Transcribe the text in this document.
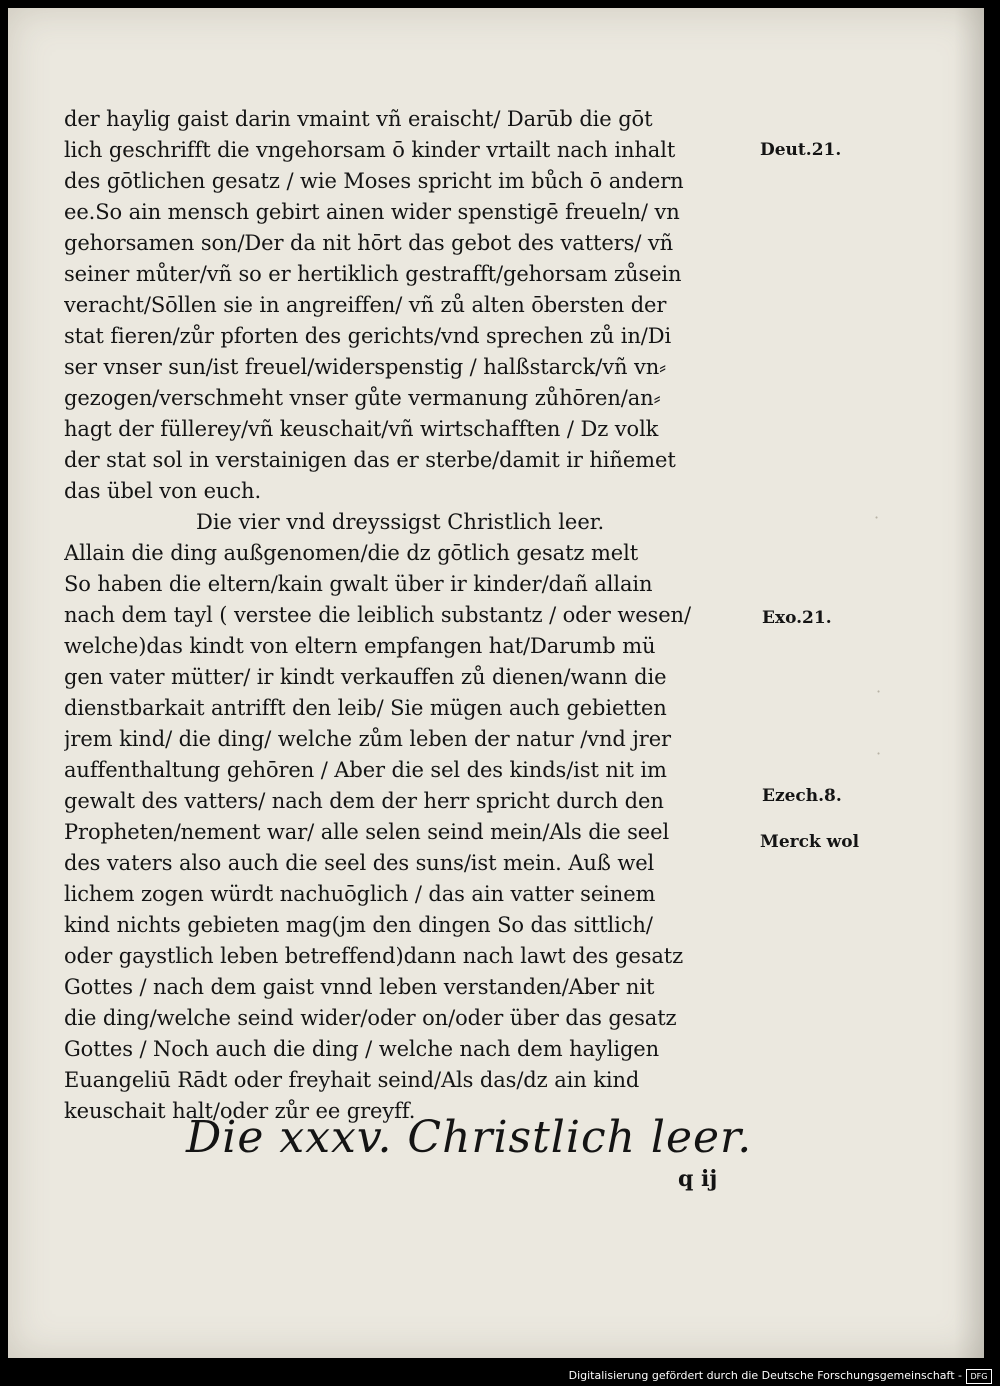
der haylig gaist darin vmaint vñ eraischt/ Darūb die gōt
lich geschrifft die vngehorsam ō kinder vrtailt nach inhalt
des gōtlichen gesatz / wie Moses spricht im bůch ō andern
ee.So ain mensch gebirt ainen wider spenstigē freueln/ vn
gehorsamen son/Der da nit hōrt das gebot des vatters/ vñ
seiner můter/vñ so er hertiklich gestrafft/gehorsam zůsein
veracht/Sōllen sie in angreiffen/ vñ zů alten ōbersten der
stat fieren/zůr pforten des gerichts/vnd sprechen zů in/Di
ser vnser sun/ist freuel/widerspenstig / halßstarck/vñ vn⸗
gezogen/verschmeht vnser gůte vermanung zůhōren/an⸗
hagt der füllerey/vñ keuschait/vñ wirtschafften / Dz volk
der stat sol in verstainigen das er sterbe/damit ir hiñemet
das übel von euch.
Die vier vnd dreyssigst Christlich leer.
Allain die ding außgenomen/die dz gōtlich gesatz melt
So haben die eltern/kain gwalt über ir kinder/dañ allain
nach dem tayl ( verstee die leiblich substantz / oder wesen/
welche)das kindt von eltern empfangen hat/Darumb mü
gen vater mütter/ ir kindt verkauffen zů dienen/wann die
dienstbarkait antrifft den leib/ Sie mügen auch gebietten
jrem kind/ die ding/ welche zům leben der natur /vnd jrer
auffenthaltung gehōren / Aber die sel des kinds/ist nit im
gewalt des vatters/ nach dem der herr spricht durch den
Propheten/nement war/ alle selen seind mein/Als die seel
des vaters also auch die seel des suns/ist mein. Auß wel
lichem zogen würdt nachuōglich / das ain vatter seinem
kind nichts gebieten mag(jm den dingen So das sittlich/
oder gaystlich leben betreffend)dann nach lawt des gesatz
Gottes / nach dem gaist vnnd leben verstanden/Aber nit
die ding/welche seind wider/oder on/oder über das gesatz
Gottes / Noch auch die ding / welche nach dem hayligen
Euangeliū Rādt oder freyhait seind/Als das/dz ain kind
keuschait halt/oder zůr ee greyff.
Die xxxv. Christlich leer.
q ij
Deut.21.
Exo.21.
Ezech.8.
Merck wol
·
·
·
Digitalisierung gefördert durch die Deutsche Forschungsgemeinschaft -	DFG
